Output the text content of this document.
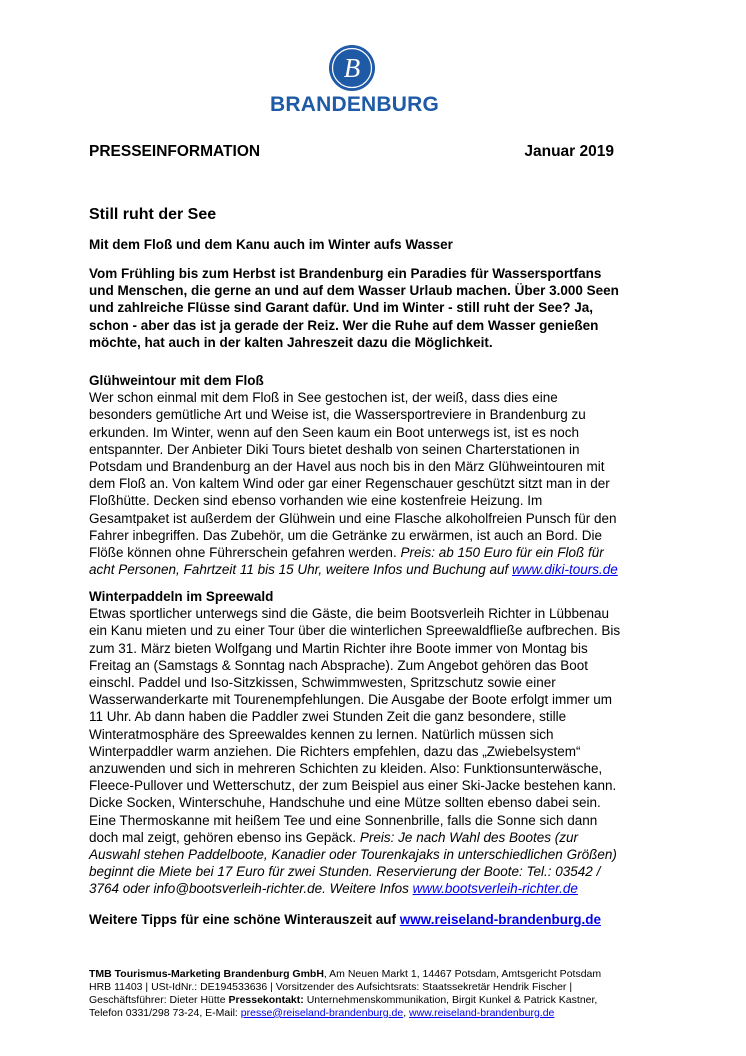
B
BRANDENBURG
PRESSEINFORMATION	Januar 2019
Still ruht der See
Mit dem Floß und dem Kanu auch im Winter aufs Wasser
Vom Frühling bis zum Herbst ist Brandenburg ein Paradies für Wassersportfans und Menschen, die gerne an und auf dem Wasser Urlaub machen. Über 3.000 Seen und zahlreiche Flüsse sind Garant dafür. Und im Winter - still ruht der See? Ja, schon - aber das ist ja gerade der Reiz. Wer die Ruhe auf dem Wasser genießen möchte, hat auch in der kalten Jahreszeit dazu die Möglichkeit.
Glühweintour mit dem Floß
Wer schon einmal mit dem Floß in See gestochen ist, der weiß, dass dies eine besonders gemütliche Art und Weise ist, die Wassersportreviere in Brandenburg zu erkunden. Im Winter, wenn auf den Seen kaum ein Boot unterwegs ist, ist es noch entspannter. Der Anbieter Diki Tours bietet deshalb von seinen Charterstationen in Potsdam und Brandenburg an der Havel aus noch bis in den März Glühweintouren mit dem Floß an. Von kaltem Wind oder gar einer Regenschauer geschützt sitzt man in der Floßhütte. Decken sind ebenso vorhanden wie eine kostenfreie Heizung. Im Gesamtpaket ist außerdem der Glühwein und eine Flasche alkoholfreien Punsch für den Fahrer inbegriffen. Das Zubehör, um die Getränke zu erwärmen, ist auch an Bord. Die Flöße können ohne Führerschein gefahren werden. Preis: ab 150 Euro für ein Floß für acht Personen, Fahrtzeit 11 bis 15 Uhr, weitere Infos und Buchung auf www.diki-tours.de
Winterpaddeln im Spreewald
Etwas sportlicher unterwegs sind die Gäste, die beim Bootsverleih Richter in Lübbenau ein Kanu mieten und zu einer Tour über die winterlichen Spreewaldfließe aufbrechen. Bis zum 31. März bieten Wolfgang und Martin Richter ihre Boote immer von Montag bis Freitag an (Samstags & Sonntag nach Absprache). Zum Angebot gehören das Boot einschl. Paddel und Iso-Sitzkissen, Schwimmwesten, Spritzschutz sowie einer Wasserwanderkarte mit Tourenempfehlungen. Die Ausgabe der Boote erfolgt immer um 11 Uhr. Ab dann haben die Paddler zwei Stunden Zeit die ganz besondere, stille Winteratmosphäre des Spreewaldes kennen zu lernen. Natürlich müssen sich Winterpaddler warm anziehen. Die Richters empfehlen, dazu das „Zwiebelsystem“ anzuwenden und sich in mehreren Schichten zu kleiden. Also: Funktionsunterwäsche, Fleece-Pullover und Wetterschutz, der zum Beispiel aus einer Ski-Jacke bestehen kann. Dicke Socken, Winterschuhe, Handschuhe und eine Mütze sollten ebenso dabei sein. Eine Thermoskanne mit heißem Tee und eine Sonnenbrille, falls die Sonne sich dann doch mal zeigt, gehören ebenso ins Gepäck. Preis: Je nach Wahl des Bootes (zur Auswahl stehen Paddelboote, Kanadier oder Tourenkajaks in unterschiedlichen Größen) beginnt die Miete bei 17 Euro für zwei Stunden. Reservierung der Boote: Tel.: 03542 / 3764 oder info@bootsverleih-richter.de. Weitere Infos www.bootsverleih-richter.de
Weitere Tipps für eine schöne Winterauszeit auf www.reiseland-brandenburg.de
TMB Tourismus-Marketing Brandenburg GmbH, Am Neuen Markt 1, 14467 Potsdam, Amtsgericht Potsdam HRB 11403 | USt-IdNr.: DE194533636 | Vorsitzender des Aufsichtsrats: Staatssekretär Hendrik Fischer | Geschäftsführer: Dieter Hütte Pressekontakt: Unternehmenskommunikation, Birgit Kunkel & Patrick Kastner, Telefon 0331/298 73-24, E-Mail: presse@reiseland-brandenburg.de, www.reiseland-brandenburg.de
